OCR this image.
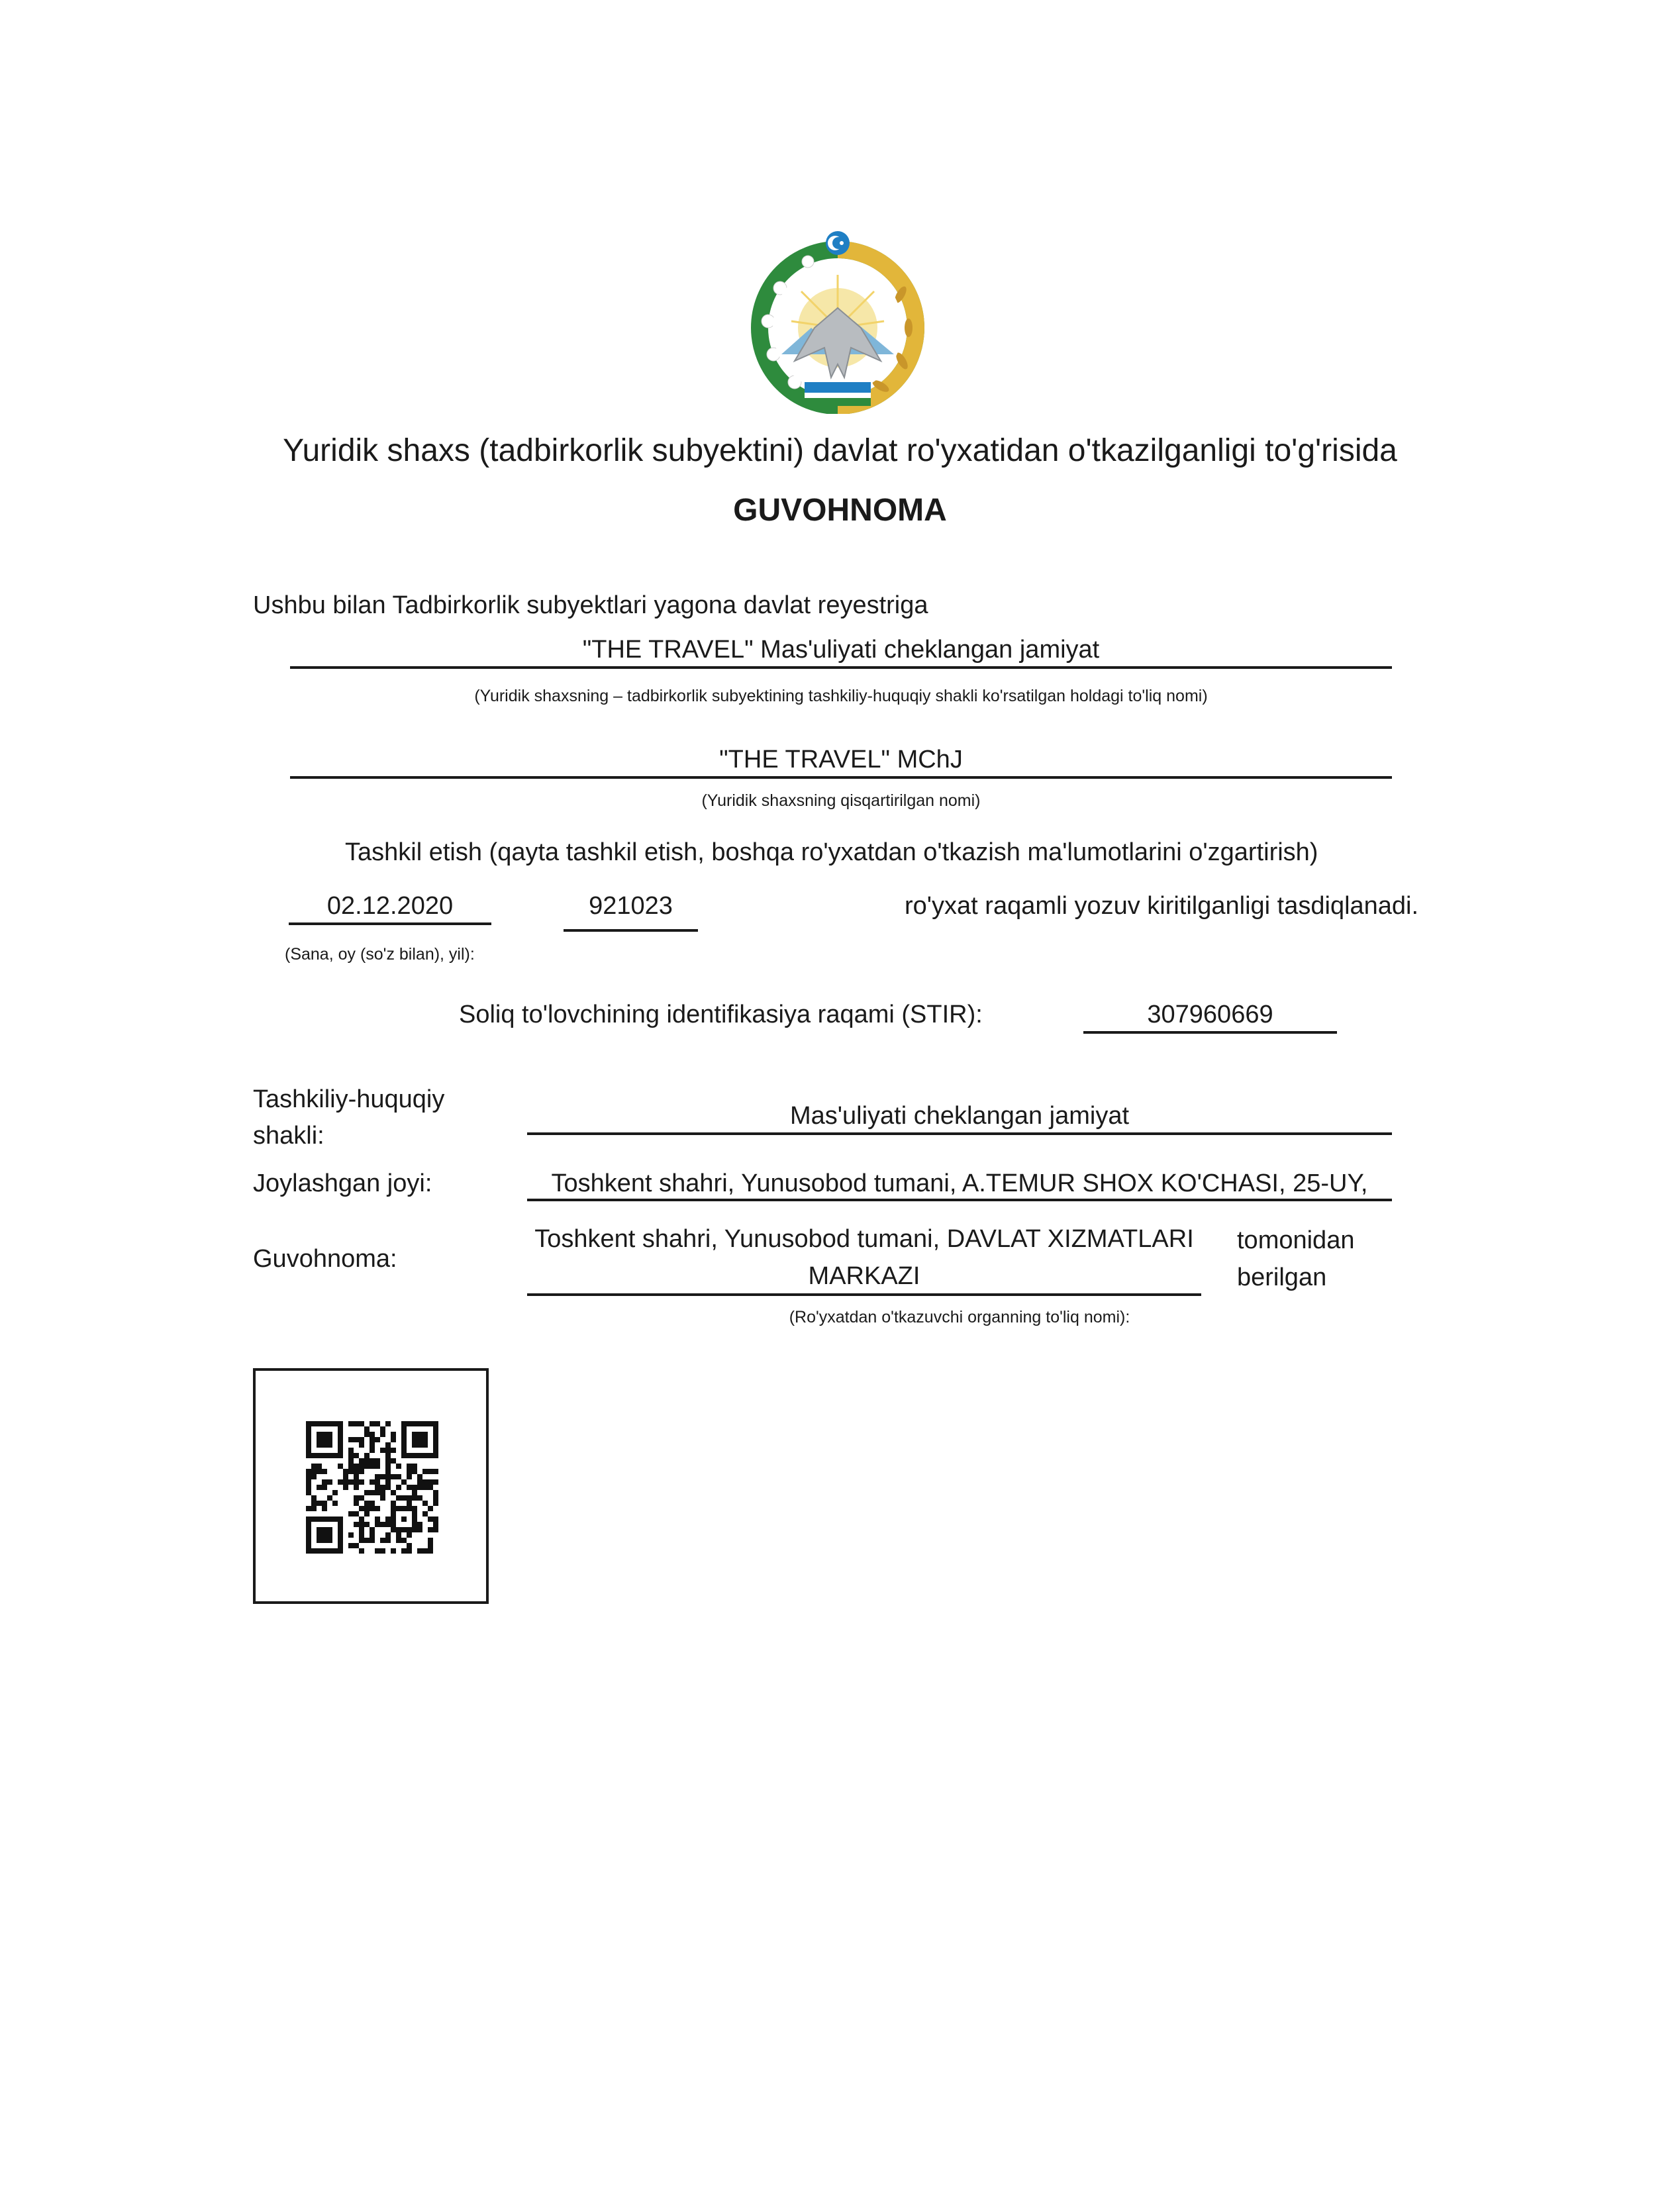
Yuridik shaxs (tadbirkorlik subyektini) davlat ro'yxatidan o'tkazilganligi to'g'risida
GUVOHNOMA
Ushbu bilan Tadbirkorlik subyektlari yagona davlat reyestriga
"THE TRAVEL" Mas'uliyati cheklangan jamiyat
(Yuridik shaxsning – tadbirkorlik subyektining tashkiliy-huquqiy shakli ko'rsatilgan holdagi to'liq nomi)
"THE TRAVEL" MChJ
(Yuridik shaxsning qisqartirilgan nomi)
Tashkil etish (qayta tashkil etish, boshqa ro'yxatdan o'tkazish ma'lumotlarini o'zgartirish)
02.12.2020	921023	ro'yxat raqamli yozuv kiritilganligi tasdiqlanadi.
(Sana, oy (so'z bilan), yil):
Soliq to'lovchining identifikasiya raqami (STIR):	307960669
Tashkiliy-huquqiy
shakli:
Mas'uliyati cheklangan jamiyat
Joylashgan joyi:	Toshkent shahri, Yunusobod tumani, A.TEMUR SHOX KO'CHASI, 25-UY,
Guvohnoma:
Toshkent shahri, Yunusobod tumani, DAVLAT XIZMATLARI
MARKAZI
tomonidan
berilgan
(Ro'yxatdan o'tkazuvchi organning to'liq nomi):
